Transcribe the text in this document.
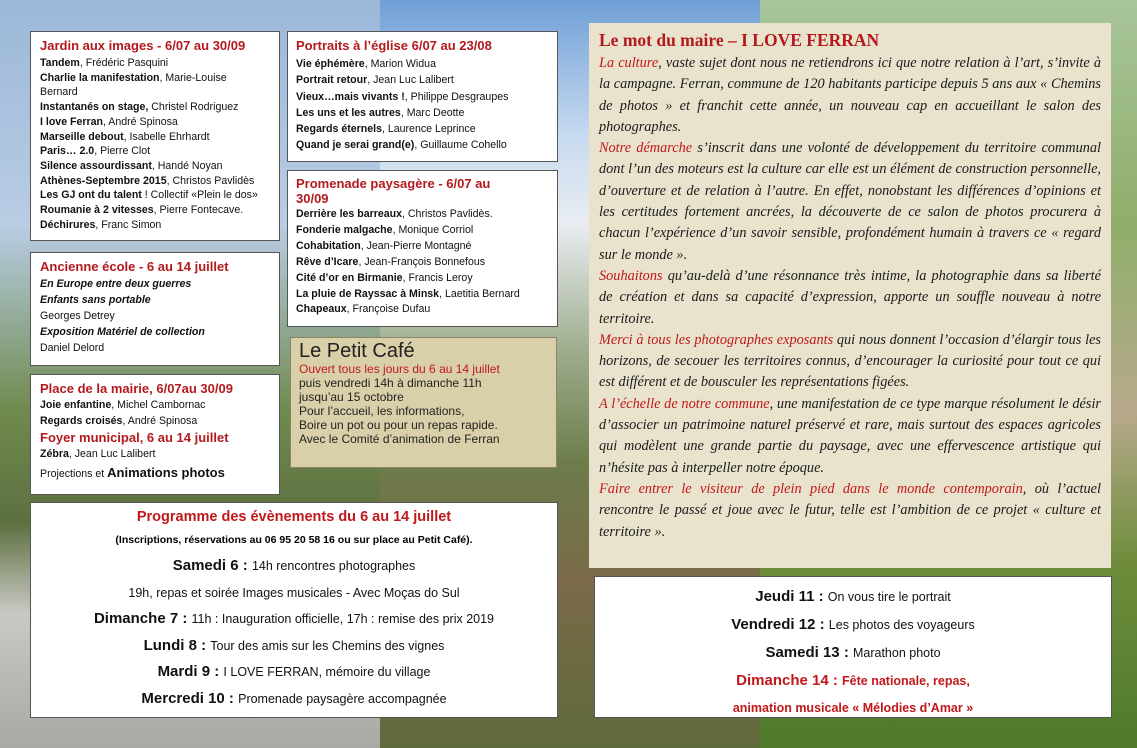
Jardin aux images - 6/07 au 30/09
Tandem, Frédéric Pasquini
Charlie la manifestation, Marie-Louise
Bernard
Instantanés on stage, Christel Rodriguez
I love Ferran, André Spinosa
Marseille debout, Isabelle Ehrhardt
Paris… 2.0, Pierre Clot
Silence assourdissant, Handé Noyan
Athènes-Septembre 2015, Christos Pavlidès
Les GJ ont du talent ! Collectif «Plein le dos»
Roumanie à 2 vitesses, Pierre Fontecave.
Déchirures, Franc Simon
Portraits à l’église 6/07 au 23/08
Vie éphémère, Marion Widua
Portrait retour, Jean Luc Lalibert
Vieux…mais vivants !, Philippe Desgraupes
Les uns et les autres, Marc Deotte
Regards éternels, Laurence Leprince
Quand je serai grand(e), Guillaume Cohello
Promenade paysagère - 6/07 au
30/09
Derrière les barreaux, Christos Pavlidès.
Fonderie malgache, Monique Corriol
Cohabitation, Jean-Pierre Montagné
Rêve d’Icare, Jean-François Bonnefous
Cité d’or en Birmanie, Francis Leroy
La pluie de Rayssac à Minsk, Laetitia Bernard
Chapeaux, Françoise Dufau
Ancienne école - 6 au 14 juillet
En Europe entre deux guerres
Enfants sans portable
Georges Detrey
Exposition Matériel de collection
Daniel Delord
Place de la mairie, 6/07au 30/09
Joie enfantine, Michel Cambornac
Regards croisés, André Spinosa
Foyer municipal, 6 au 14 juillet
Zébra, Jean Luc Lalibert
Projections et Animations photos
Le Petit Café
Ouvert tous les jours du 6 au 14 juillet
puis vendredi 14h à dimanche 11h
jusqu’au 15 octobre
Pour l’accueil, les informations,
Boire un pot ou pour un repas rapide.
Avec le Comité d’animation de Ferran
Le mot du maire – I LOVE FERRAN

La culture, vaste sujet dont nous ne retiendrons ici que notre relation à l’art, s’invite à la campagne. Ferran, commune de 120 habitants participe depuis 5 ans aux « Chemins de photos » et franchit cette année, un nouveau cap en accueillant le salon des photographes.

Notre démarche s’inscrit dans une volonté de développement du territoire communal dont l’un des moteurs est la culture car elle est un élément de construction personnelle, d’ouverture et de relation à l’autre. En effet, nonobstant les différences d’opinions et les certitudes fortement ancrées, la découverte de ce salon de photos procurera à chacun l’expérience d’un savoir sensible, profondément humain à travers ce « regard sur le monde ».

Souhaitons qu’au-delà d’une résonnance très intime, la photographie dans sa liberté de création et dans sa capacité d’expression, apporte un souffle nouveau à notre territoire.

Merci à tous les photographes exposants qui nous donnent l’occasion d’élargir tous les horizons, de secouer les territoires connus, d’encourager la curiosité pour tout ce qui est différent et de bousculer les représentations figées.

A l’échelle de notre commune, une manifestation de ce type marque résolument le désir d’associer un patrimoine naturel préservé et rare, mais surtout des espaces agricoles qui modèlent une grande partie du paysage, avec une effervescence artistique qui n’hésite pas à interpeller notre époque.

Faire entrer le visiteur de plein pied dans le monde contemporain, où l’actuel rencontre le passé et joue avec le futur, telle est l’ambition de ce projet « culture et territoire ».

Programme des évènements du 6 au 14 juillet
(Inscriptions, réservations au 06 95 20 58 16 ou sur place au Petit Café).
Samedi 6 : 14h rencontres photographes
19h, repas et soirée Images musicales - Avec Moças do Sul
Dimanche 7 : 11h : Inauguration officielle, 17h : remise des prix 2019
Lundi 8 : Tour des amis sur les Chemins des vignes
Mardi 9 : I LOVE FERRAN, mémoire du village
Mercredi 10 : Promenade paysagère accompagnée
Jeudi 11 : On vous tire le portrait
Vendredi 12 : Les photos des voyageurs
Samedi 13 : Marathon photo
Dimanche 14 : Fête nationale, repas,
animation musicale « Mélodies d’Amar »
